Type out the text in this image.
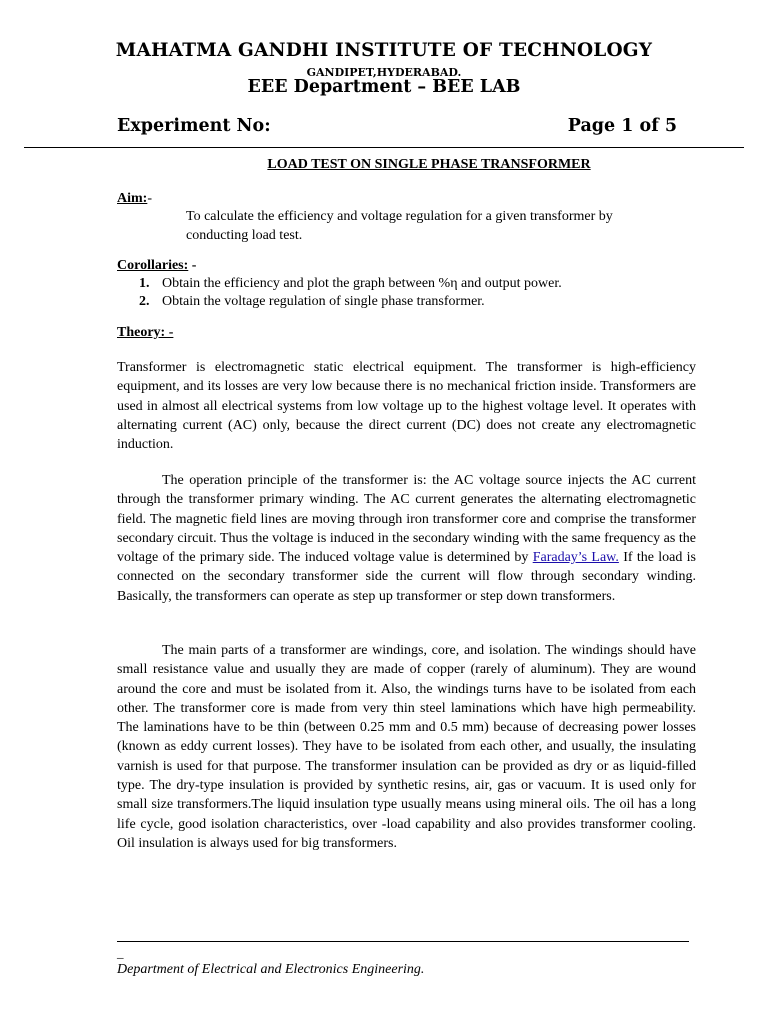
MAHATMA GANDHI INSTITUTE OF TECHNOLOGY
GANDIPET,HYDERABAD.
EEE Department – BEE LAB
Experiment No:	Page 1 of 5
LOAD TEST ON SINGLE PHASE TRANSFORMER
Aim:-
To calculate the efficiency and voltage regulation for a given transformer by conducting load test.
Corollaries: -
1. Obtain the efficiency and plot the graph between %η and output power.
2. Obtain the voltage regulation of single phase transformer.
Theory: -

Transformer is electromagnetic static electrical equipment. The transformer is high-efficiency equipment, and its losses are very low because there is no mechanical friction inside. Transformers are used in almost all electrical systems from low voltage up to the highest voltage level. It operates with alternating current (AC) only, because the direct current (DC) does not create any electromagnetic induction.

The operation principle of the transformer is: the AC voltage source injects the AC current through the transformer primary winding. The AC current generates the alternating electromagnetic field. The magnetic field lines are moving through iron transformer core and comprise the transformer secondary circuit. Thus the voltage is induced in the secondary winding with the same frequency as the voltage of the primary side. The induced voltage value is determined by Faraday’s Law. If the load is connected on the secondary transformer side the current will flow through secondary winding. Basically, the transformers can operate as step up transformer or step down transformers.

The main parts of a transformer are windings, core, and isolation. The windings should have small resistance value and usually they are made of copper (rarely of aluminum). They are wound around the core and must be isolated from it. Also, the windings turns have to be isolated from each other. The transformer core is made from very thin steel laminations which have high permeability. The laminations have to be thin (between 0.25 mm and 0.5 mm) because of decreasing power losses (known as eddy current losses). They have to be isolated from each other, and usually, the insulating varnish is used for that purpose. The transformer insulation can be provided as dry or as liquid-filled type. The dry-type insulation is provided by synthetic resins, air, gas or vacuum. It is used only for small size transformers.The liquid insulation type usually means using mineral oils. The oil has a long life cycle, good isolation characteristics, over -load capability and also provides transformer cooling. Oil insulation is always used for big transformers.

_
Department of Electrical and Electronics Engineering.
